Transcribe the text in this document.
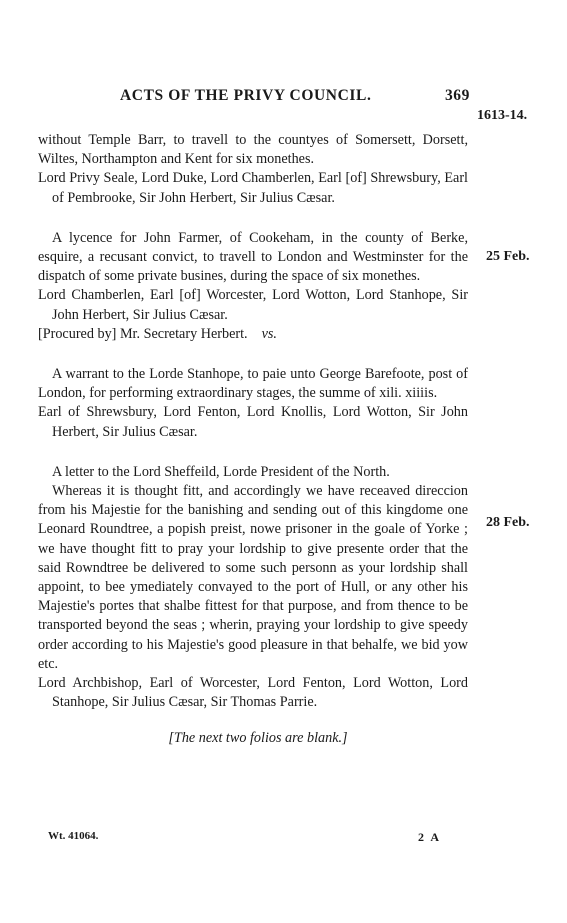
ACTS OF THE PRIVY COUNCIL.	369
1613-14.
25 Feb.
28 Feb.

without Temple Barr, to travell to the countyes of Somersett, Dorsett, Wiltes, Northampton and Kent for six monethes.

Lord Privy Seale, Lord Duke, Lord Chamberlen, Earl [of] Shrewsbury, Earl of Pembrooke, Sir John Herbert, Sir Julius Cæsar.

A lycence for John Farmer, of Cookeham, in the county of Berke, esquire, a recusant convict, to travell to London and Westminster for the dispatch of some private busines, during the space of six monethes.

Lord Chamberlen, Earl [of] Worcester, Lord Wotton, Lord Stanhope, Sir John Herbert, Sir Julius Cæsar.

[Procured by] Mr. Secretary Herbert. vs.

A warrant to the Lorde Stanhope, to paie unto George Barefoote, post of London, for performing extraordinary stages, the summe of xili. xiiiis.

Earl of Shrewsbury, Lord Fenton, Lord Knollis, Lord Wotton, Sir John Herbert, Sir Julius Cæsar.

A letter to the Lord Sheffeild, Lorde President of the North.

Whereas it is thought fitt, and accordingly we have receaved direccion from his Majestie for the banishing and sending out of this kingdome one Leonard Roundtree, a popish preist, nowe prisoner in the goale of Yorke ; we have thought fitt to pray your lordship to give presente order that the said Rowndtree be delivered to some such personn as your lordship shall appoint, to bee ymediately convayed to the port of Hull, or any other his Majestie's portes that shalbe fittest for that purpose, and from thence to be transported beyond the seas ; wherin, praying your lordship to give speedy order according to his Majestie's good pleasure in that behalfe, we bid yow etc.

Lord Archbishop, Earl of Worcester, Lord Fenton, Lord Wotton, Lord Stanhope, Sir Julius Cæsar, Sir Thomas Parrie.

[The next two folios are blank.]

Wt. 41064.	2 A
